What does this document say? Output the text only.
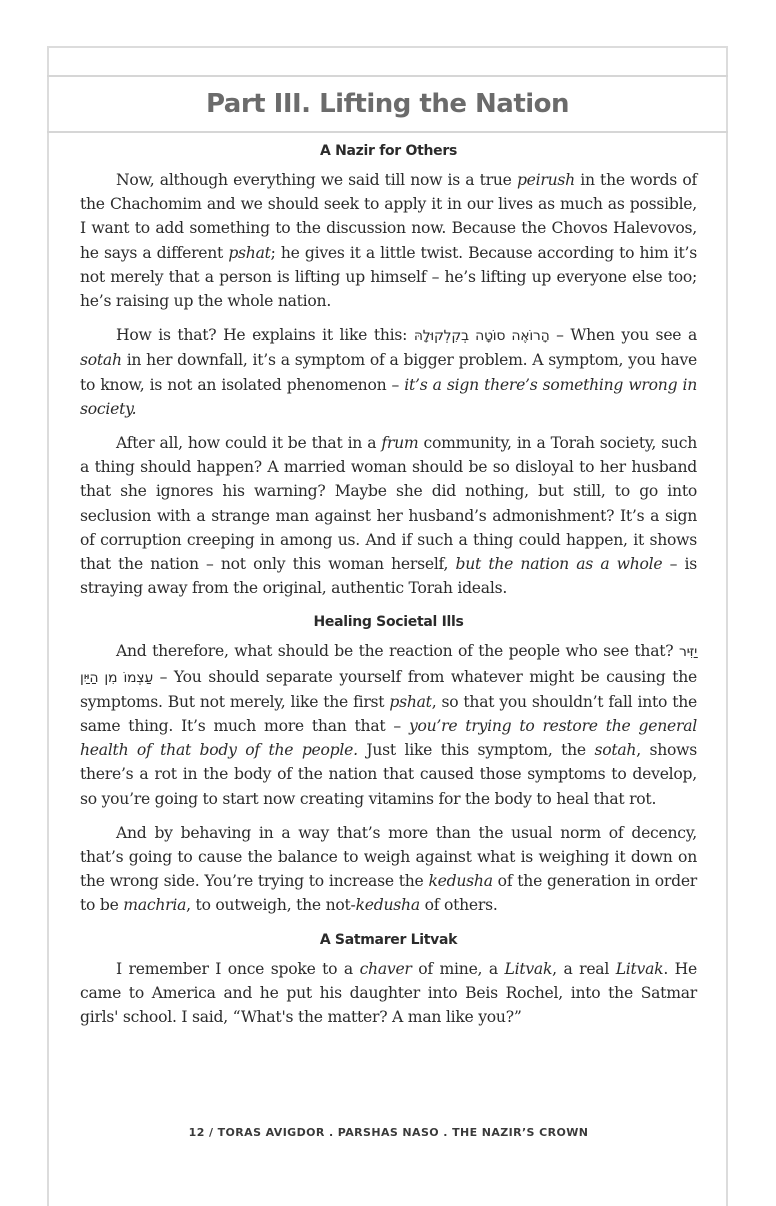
Part III. Lifting the Nation
A Nazir for Others

Now, although everything we said till now is a true peirush in the words of the Chachomim and we should seek to apply it in our lives as much as possible, I want to add something to the discussion now. Because the Chovos Halevovos, he says a different pshat; he gives it a little twist. Because according to him it’s not merely that a person is lifting up himself – he’s lifting up everyone else too; he’s raising up the whole nation.

How is that? He explains it like this: הָרוֹאֶה סוֹטָה בְקִלְקוּלָהּ – When you see a sotah in her downfall, it’s a symptom of a bigger problem. A symptom, you have to know, is not an isolated phenomenon – it’s a sign there’s something wrong in society.

After all, how could it be that in a frum community, in a Torah society, such a thing should happen? A married woman should be so disloyal to her husband that she ignores his warning? Maybe she did nothing, but still, to go into seclusion with a strange man against her husband’s admonishment? It’s a sign of corruption creeping in among us. And if such a thing could happen, it shows that the nation – not only this woman herself, but the nation as a whole – is straying away from the original, authentic Torah ideals.

Healing Societal Ills

And therefore, what should be the reaction of the people who see that? יַזִּיר עַצְמוֹ מִן הַיַּיִן – You should separate yourself from whatever might be causing the symptoms. But not merely, like the first pshat, so that you shouldn’t fall into the same thing. It’s much more than that – you’re trying to restore the general health of that body of the people. Just like this symptom, the sotah, shows there’s a rot in the body of the nation that caused those symptoms to develop, so you’re going to start now creating vitamins for the body to heal that rot.

And by behaving in a way that’s more than the usual norm of decency, that’s going to cause the balance to weigh against what is weighing it down on the wrong side. You’re trying to increase the kedusha of the generation in order to be machria, to outweigh, the not-kedusha of others.

A Satmarer Litvak

I remember I once spoke to a chaver of mine, a Litvak, a real Litvak. He came to America and he put his daughter into Beis Rochel, into the Satmar girls' school. I said, “What's the matter? A man like you?”

12 / TORAS AVIGDOR . PARSHAS NASO . THE NAZIR’S CROWN
